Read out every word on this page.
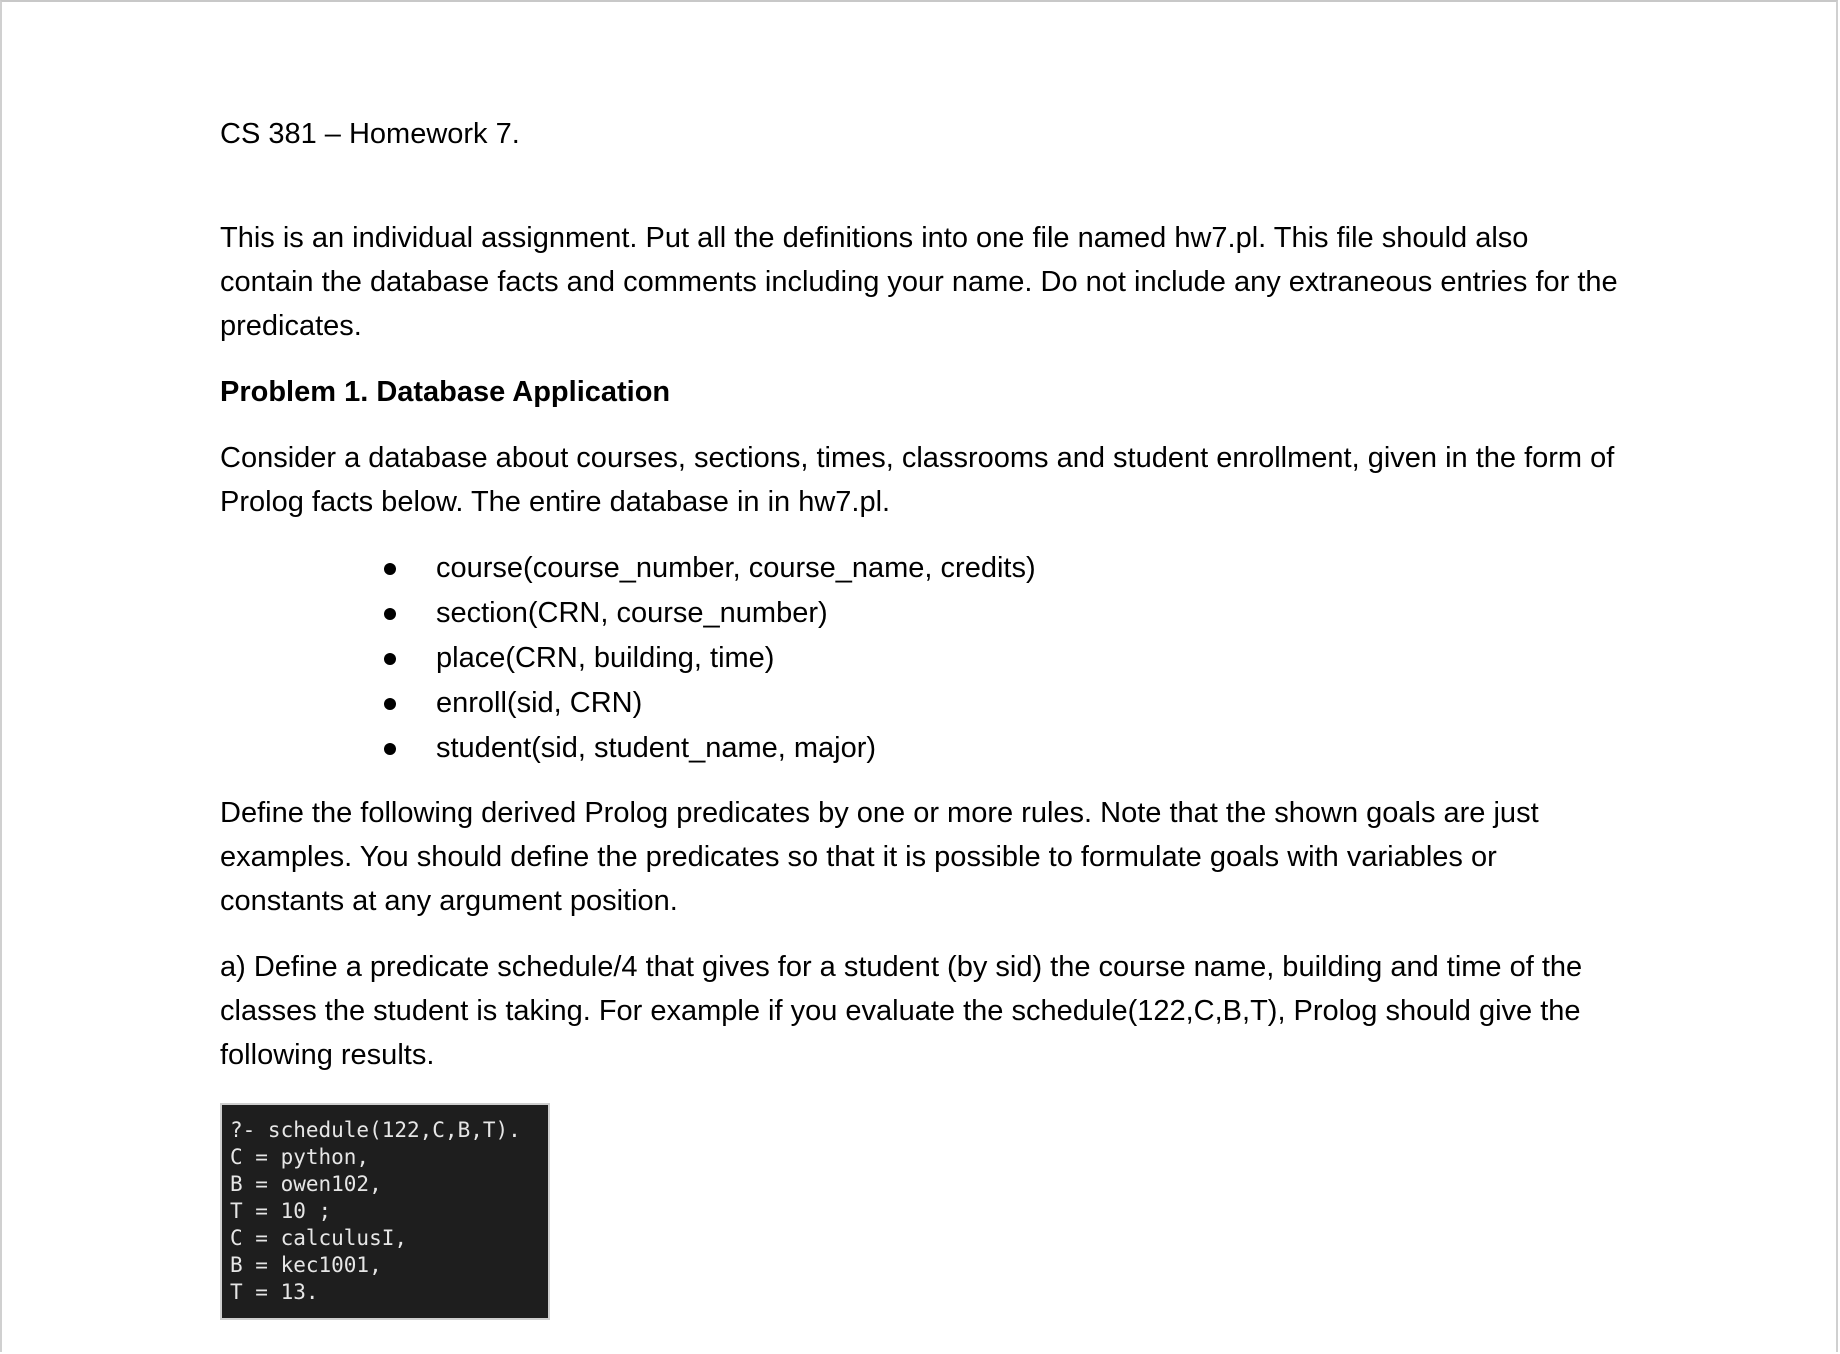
CS 381 – Homework 7.

This is an individual assignment. Put all the definitions into one file named hw7.pl. This file should also contain the database facts and comments including your name. Do not include any extraneous entries for the predicates.

Problem 1. Database Application

Consider a database about courses, sections, times, classrooms and student enrollment, given in the form of Prolog facts below. The entire database in in hw7.pl.

course(course_number, course_name, credits)
section(CRN, course_number)
place(CRN, building, time)
enroll(sid, CRN)
student(sid, student_name, major)

Define the following derived Prolog predicates by one or more rules. Note that the shown goals are just examples. You should define the predicates so that it is possible to formulate goals with variables or constants at any argument position.

a) Define a predicate schedule/4 that gives for a student (by sid) the course name, building and time of the classes the student is taking. For example if you evaluate the schedule(122,C,B,T), Prolog should give the following results.

?- schedule(122,C,B,T).
C = python,
B = owen102,
T = 10 ;
C = calculusI,
B = kec1001,
T = 13.
